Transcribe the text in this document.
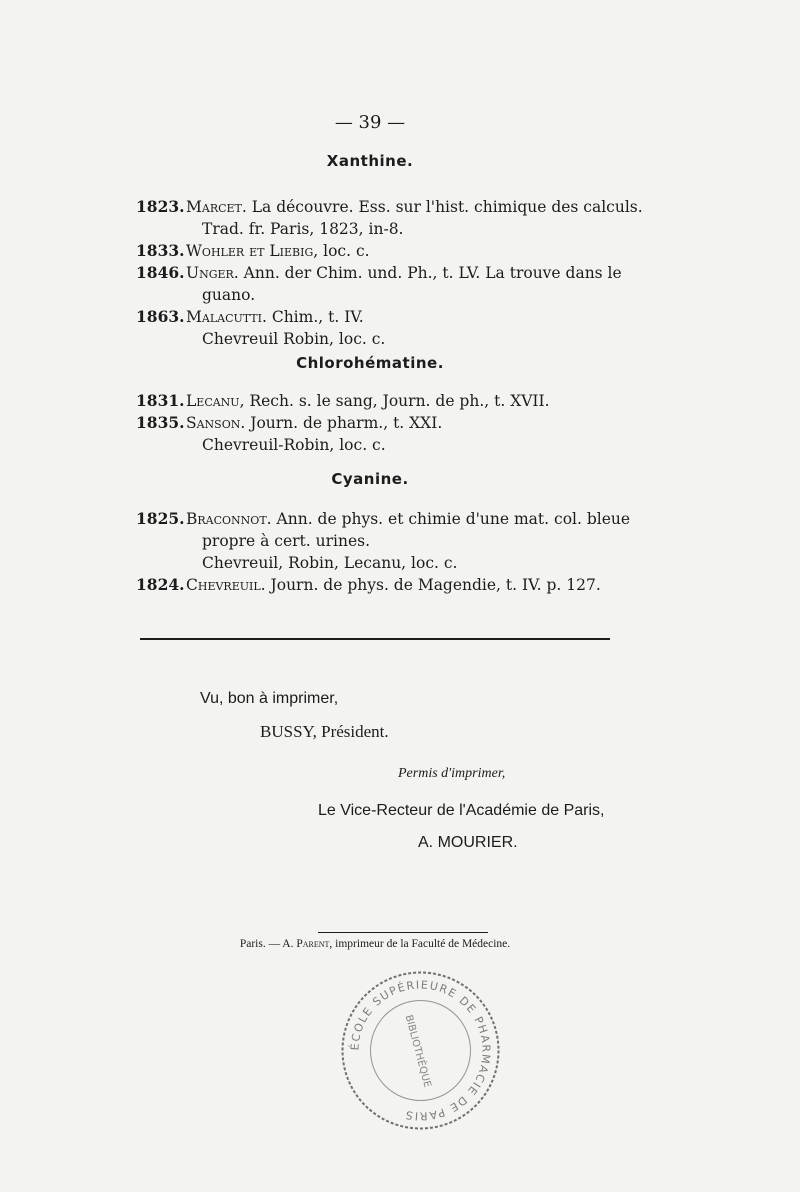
— 39 —
Xanthine.
1823.Marcet. La découvre. Ess. sur l'hist. chimique des calculs.
Trad. fr. Paris, 1823, in-8.
1833.Wohler et Liebig, loc. c.
1846.Unger. Ann. der Chim. und. Ph., t. LV. La trouve dans le
guano.
1863.Malacutti. Chim., t. IV.
Chevreuil Robin, loc. c.
Chlorohématine.
1831.Lecanu, Rech. s. le sang, Journ. de ph., t. XVII.
1835.Sanson. Journ. de pharm., t. XXI.
Chevreuil-Robin, loc. c.
Cyanine.
1825.Braconnot. Ann. de phys. et chimie d'une mat. col. bleue
propre à cert. urines.
Chevreuil, Robin, Lecanu, loc. c.
1824.Chevreuil. Journ. de phys. de Magendie, t. IV. p. 127.
Vu, bon à imprimer,
BUSSY, Président.
Permis d'imprimer,
Le Vice-Recteur de l'Académie de Paris,
A. MOURIER.
Paris. — A. Parent, imprimeur de la Faculté de Médecine.
ÉCOLE SUPÉRIEURE DE PHARMACIE DE PARIS
BIBLIOTHÈQUE
